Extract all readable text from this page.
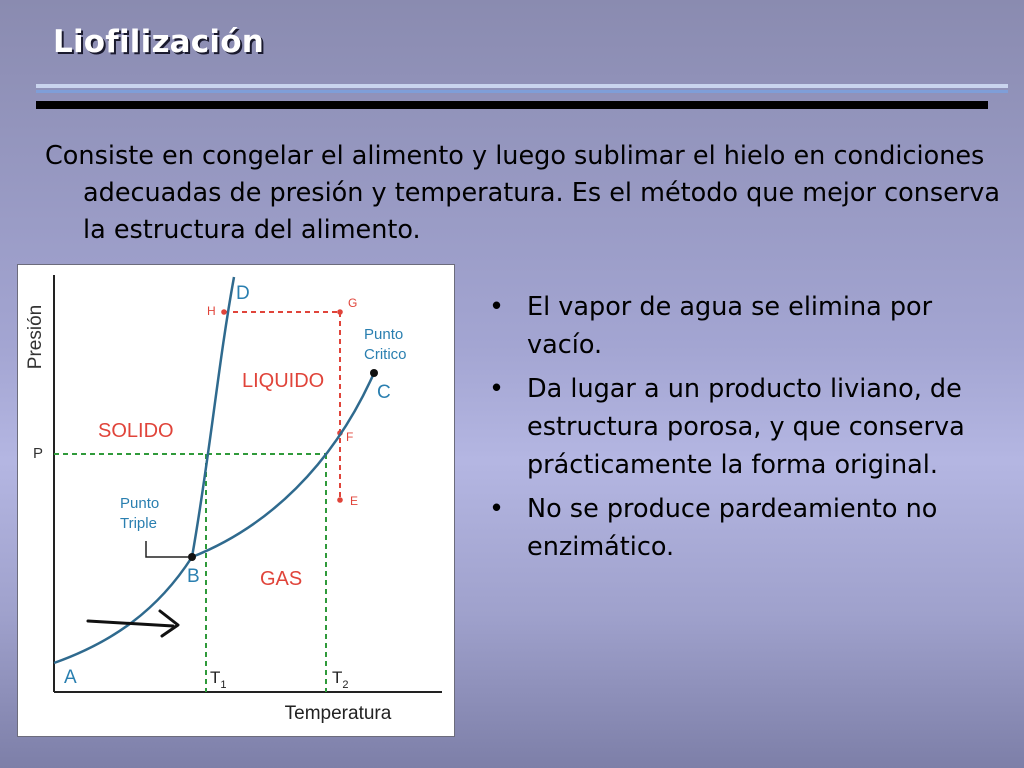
Liofilización

Consiste en congelar el alimento y luego sublimar el hielo en condiciones adecuadas de presión y temperatura. Es el método que mejor conserva la estructura del alimento.

Presión
Temperatura
P
$T_1$	$T_2$
SOLIDO
LIQUIDO
GAS
Punto
Triple
Punto
Critico
A
B
C
D
E
F
G
H	• El vapor de agua se elimina por vacío.
• Da lugar a un producto liviano, de estructura porosa, y que conserva prácticamente la forma original.
• No se produce pardeamiento no enzimático.
